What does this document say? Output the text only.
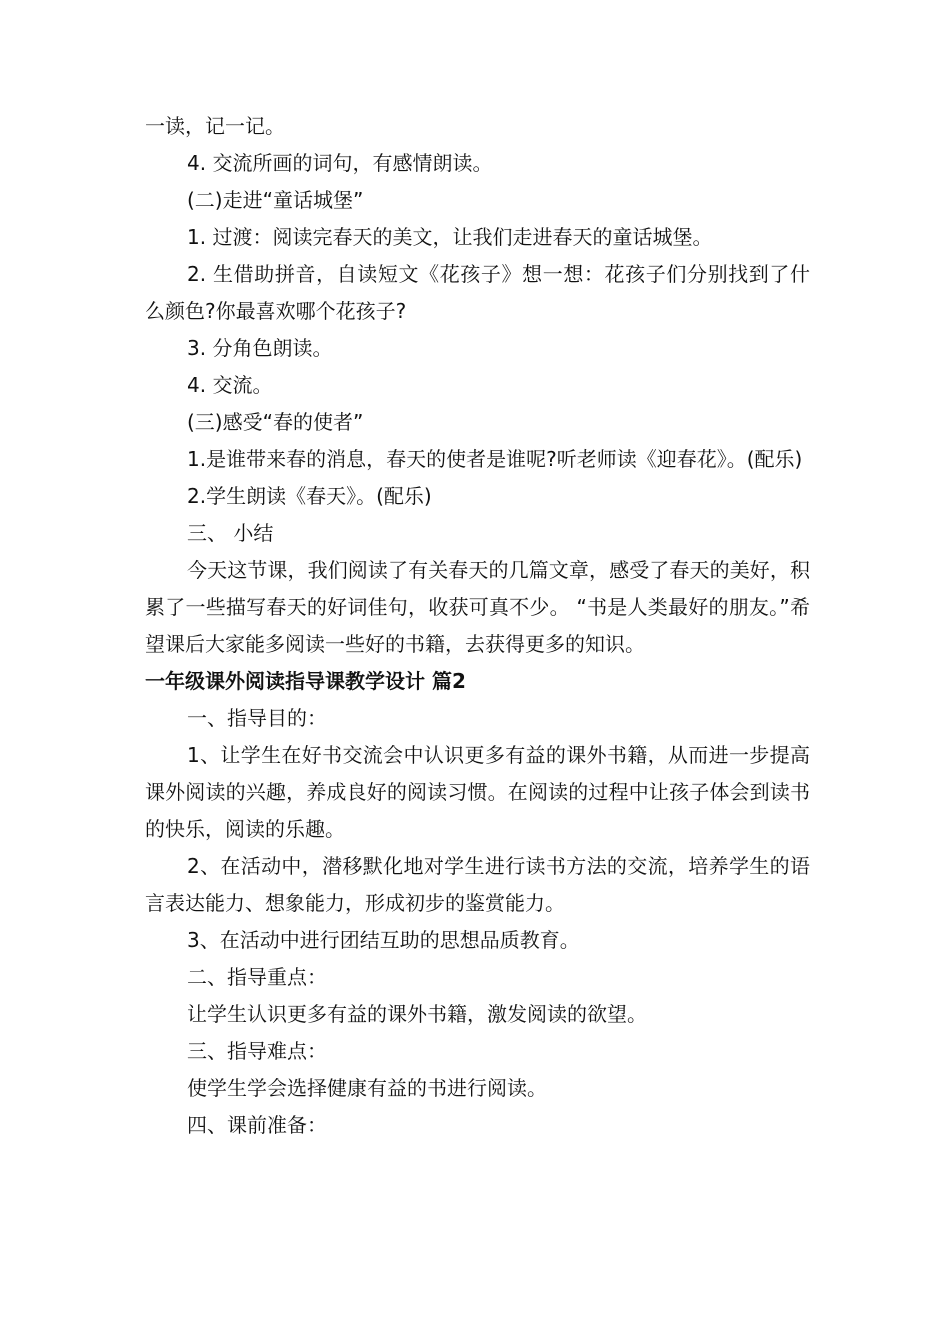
一读，记一记。

4. 交流所画的词句，有感情朗读。

(二)走进“童话城堡”

1. 过渡：阅读完春天的美文，让我们走进春天的童话城堡。

2. 生借助拼音，自读短文《花孩子》想一想：花孩子们分别找到了什么颜色?你最喜欢哪个花孩子?

3. 分角色朗读。

4. 交流。

(三)感受“春的使者”

1.是谁带来春的消息，春天的使者是谁呢?听老师读《迎春花》。(配乐)

2.学生朗读《春天》。(配乐)

三、 小结

今天这节课，我们阅读了有关春天的几篇文章，感受了春天的美好，积累了一些描写春天的好词佳句，收获可真不少。 “书是人类最好的朋友。”希望课后大家能多阅读一些好的书籍，去获得更多的知识。

一年级课外阅读指导课教学设计 篇2

一、指导目的：

1、让学生在好书交流会中认识更多有益的课外书籍，从而进一步提高课外阅读的兴趣，养成良好的阅读习惯。在阅读的过程中让孩子体会到读书的快乐，阅读的乐趣。

2、在活动中，潜移默化地对学生进行读书方法的交流，培养学生的语言表达能力、想象能力，形成初步的鉴赏能力。

3、在活动中进行团结互助的思想品质教育。

二、指导重点：

让学生认识更多有益的课外书籍，激发阅读的欲望。

三、指导难点：

使学生学会选择健康有益的书进行阅读。

四、课前准备：
